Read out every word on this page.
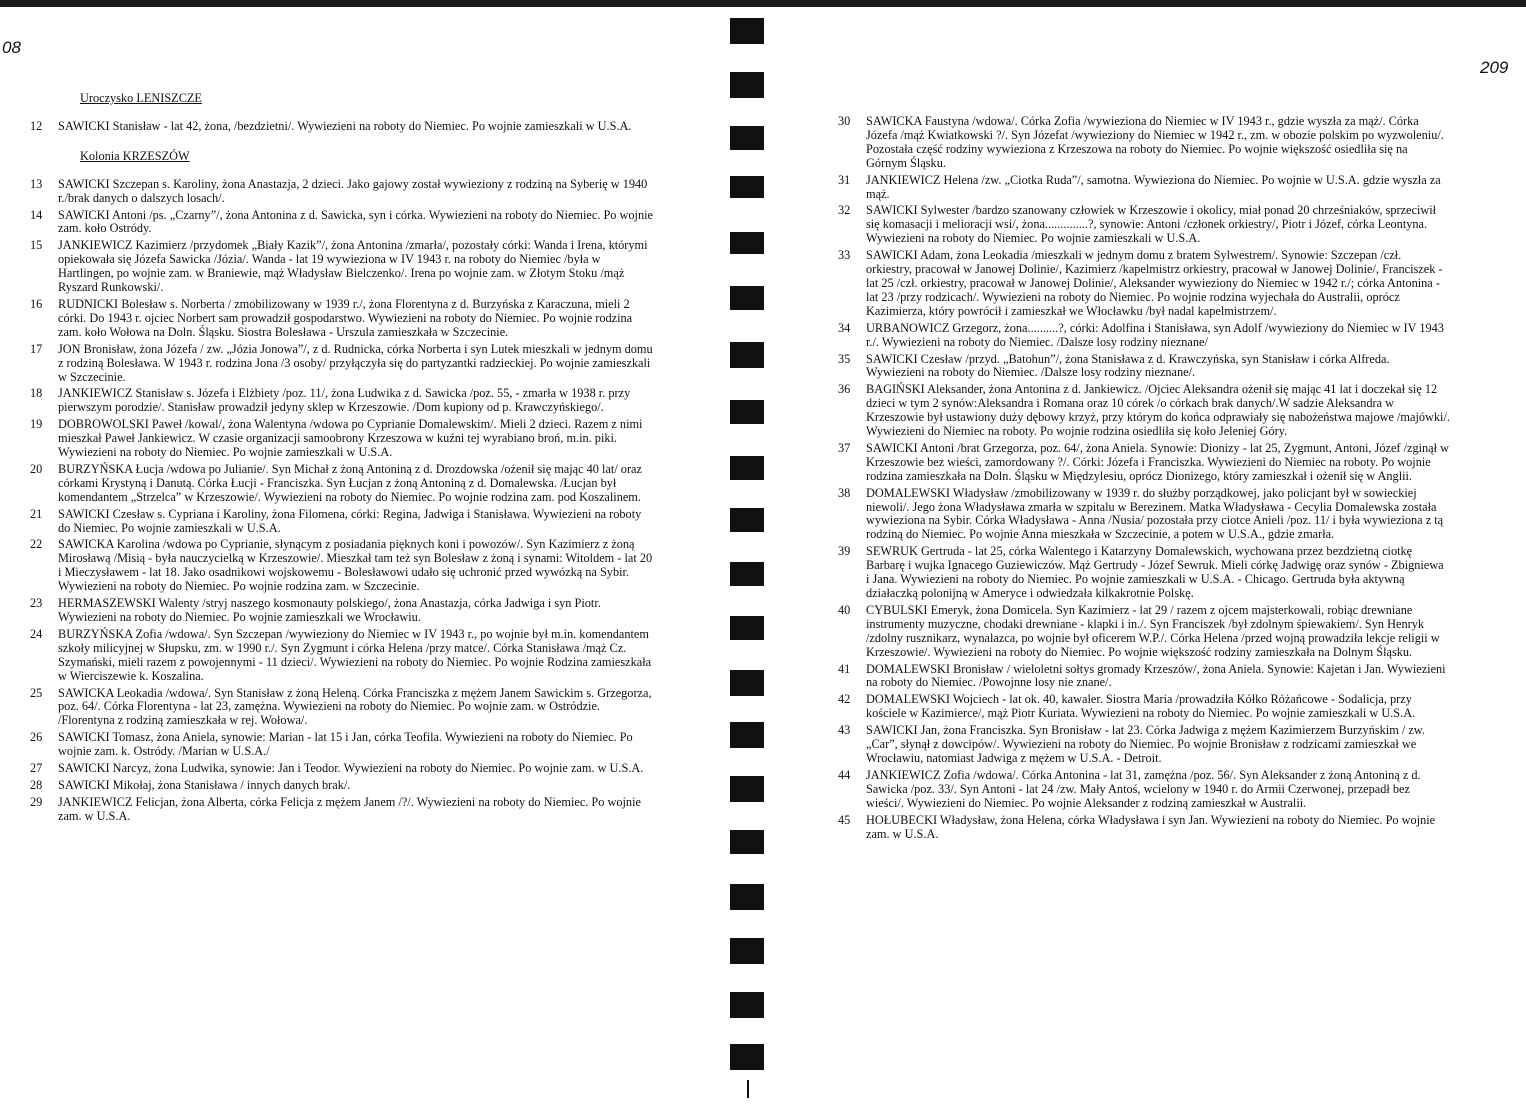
08
209
Uroczysko LENISZCZE
12	SAWICKI Stanisław - lat 42, żona, /bezdzietni/. Wywiezieni na roboty do Niemiec. Po wojnie zamieszkali w U.S.A.
Kolonia KRZESZÓW
13	SAWICKI Szczepan s. Karoliny, żona Anastazja, 2 dzieci. Jako gajowy został wywieziony z rodziną na Syberię w 1940 r./brak danych o dalszych losach/.
14	SAWICKI Antoni /ps. „Czarny”/, żona Antonina z d. Sawicka, syn i córka. Wywiezieni na roboty do Niemiec. Po wojnie zam. koło Ostródy.
15	JANKIEWICZ Kazimierz /przydomek „Biały Kazik”/, żona Antonina /zmarła/, pozostały córki: Wanda i Irena, którymi opiekowała się Józefa Sawicka /Józia/. Wanda - lat 19 wywieziona w IV 1943 r. na roboty do Niemiec /była w Hartlingen, po wojnie zam. w Braniewie, mąż Władysław Bielczenko/. Irena po wojnie zam. w Złotym Stoku /mąż Ryszard Runkowski/.
16	RUDNICKI Bolesław s. Norberta / zmobilizowany w 1939 r./, żona Florentyna z d. Burzyńska z Karaczuna, mieli 2 córki. Do 1943 r. ojciec Norbert sam prowadził gospodarstwo. Wywiezieni na roboty do Niemiec. Po wojnie rodzina zam. koło Wołowa na Doln. Śląsku. Siostra Bolesława - Urszula zamieszkała w Szczecinie.
17	JON Bronisław, żona Józefa / zw. „Józia Jonowa”/, z d. Rudnicka, córka Norberta i syn Lutek mieszkali w jednym domu z rodziną Bolesława. W 1943 r. rodzina Jona /3 osoby/ przyłączyła się do partyzantki radzieckiej. Po wojnie zamieszkali w Szczecinie.
18	JANKIEWICZ Stanisław s. Józefa i Elżbiety /poz. 11/, żona Ludwika z d. Sawicka /poz. 55, - zmarła w 1938 r. przy pierwszym porodzie/. Stanisław prowadził jedyny sklep w Krzeszowie. /Dom kupiony od p. Krawczyńskiego/.
19	DOBROWOLSKI Paweł /kowal/, żona Walentyna /wdowa po Cyprianie Domalewskim/. Mieli 2 dzieci. Razem z nimi mieszkał Paweł Jankiewicz. W czasie organizacji samoobrony Krzeszowa w kuźni tej wyrabiano broń, m.in. piki. Wywiezieni na roboty do Niemiec. Po wojnie zamieszkali w U.S.A.
20	BURZYŃSKA Łucja /wdowa po Julianie/. Syn Michał z żoną Antoniną z d. Drozdowska /ożenił się mając 40 lat/ oraz córkami Krystyną i Danutą. Córka Łucji - Franciszka. Syn Łucjan z żoną Antoniną z d. Domalewska. /Łucjan był komendantem „Strzelca” w Krzeszowie/. Wywiezieni na roboty do Niemiec. Po wojnie rodzina zam. pod Koszalinem.
21	SAWICKI Czesław s. Cypriana i Karoliny, żona Filomena, córki: Regina, Jadwiga i Stanisława. Wywiezieni na roboty do Niemiec. Po wojnie zamieszkali w U.S.A.
22	SAWICKA Karolina /wdowa po Cyprianie, słynącym z posiadania pięknych koni i powozów/. Syn Kazimierz z żoną Mirosławą /Misią - była nauczycielką w Krzeszowie/. Mieszkał tam też syn Bolesław z żoną i synami: Witoldem - lat 20 i Mieczysławem - lat 18. Jako osadnikowi wojskowemu - Bolesławowi udało się uchronić przed wywózką na Sybir. Wywiezieni na roboty do Niemiec. Po wojnie rodzina zam. w Szczecinie.
23	HERMASZEWSKI Walenty /stryj naszego kosmonauty polskiego/, żona Anastazja, córka Jadwiga i syn Piotr. Wywiezieni na roboty do Niemiec. Po wojnie zamieszkali we Wrocławiu.
24	BURZYŃSKA Zofia /wdowa/. Syn Szczepan /wywieziony do Niemiec w IV 1943 r., po wojnie był m.in. komendantem szkoły milicyjnej w Słupsku, zm. w 1990 r./. Syn Zygmunt i córka Helena /przy matce/. Córka Stanisława /mąż Cz. Szymański, mieli razem z powojennymi - 11 dzieci/. Wywiezieni na roboty do Niemiec. Po wojnie Rodzina zamieszkała w Wierciszewie k. Koszalina.
25	SAWICKA Leokadia /wdowa/. Syn Stanisław z żoną Heleną. Córka Franciszka z mężem Janem Sawickim s. Grzegorza, poz. 64/. Córka Florentyna - lat 23, zamężna. Wywiezieni na roboty do Niemiec. Po wojnie zam. w Ostródzie. /Florentyna z rodziną zamieszkała w rej. Wołowa/.
26	SAWICKI Tomasz, żona Aniela, synowie: Marian - lat 15 i Jan, córka Teofila. Wywiezieni na roboty do Niemiec. Po wojnie zam. k. Ostródy. /Marian w U.S.A./
27	SAWICKI Narcyz, żona Ludwika, synowie: Jan i Teodor. Wywiezieni na roboty do Niemiec. Po wojnie zam. w U.S.A.
28	SAWICKI Mikołaj, żona Stanisława / innych danych brak/.
29	JANKIEWICZ Felicjan, żona Alberta, córka Felicja z mężem Janem /?/. Wywiezieni na roboty do Niemiec. Po wojnie zam. w U.S.A.
30	SAWICKA Faustyna /wdowa/. Córka Zofia /wywieziona do Niemiec w IV 1943 r., gdzie wyszła za mąż/. Córka Józefa /mąż Kwiatkowski ?/. Syn Józefat /wywieziony do Niemiec w 1942 r., zm. w obozie polskim po wyzwoleniu/. Pozostała część rodziny wywieziona z Krzeszowa na roboty do Niemiec. Po wojnie większość osiedliła się na Górnym Śląsku.
31	JANKIEWICZ Helena /zw. „Ciotka Ruda”/, samotna. Wywieziona do Niemiec. Po wojnie w U.S.A. gdzie wyszła za mąż.
32	SAWICKI Sylwester /bardzo szanowany człowiek w Krzeszowie i okolicy, miał ponad 20 chrześniaków, sprzeciwił się komasacji i melioracji wsi/, żona..............?, synowie: Antoni /członek orkiestry/, Piotr i Józef, córka Leontyna. Wywiezieni na roboty do Niemiec. Po wojnie zamieszkali w U.S.A.
33	SAWICKI Adam, żona Leokadia /mieszkali w jednym domu z bratem Sylwestrem/. Synowie: Szczepan /czł. orkiestry, pracował w Janowej Dolinie/, Kazimierz /kapelmistrz orkiestry, pracował w Janowej Dolinie/, Franciszek - lat 25 /czł. orkiestry, pracował w Janowej Dolinie/, Aleksander wywieziony do Niemiec w 1942 r./; córka Antonina - lat 23 /przy rodzicach/. Wywiezieni na roboty do Niemiec. Po wojnie rodzina wyjechała do Australii, oprócz Kazimierza, który powrócił i zamieszkał we Włocławku /był nadal kapelmistrzem/.
34	URBANOWICZ Grzegorz, żona..........?, córki: Adolfina i Stanisława, syn Adolf /wywieziony do Niemiec w IV 1943 r./. Wywiezieni na roboty do Niemiec. /Dalsze losy rodziny nieznane/
35	SAWICKI Czesław /przyd. „Batohun”/, żona Stanisława z d. Krawczyńska, syn Stanisław i córka Alfreda. Wywiezieni na roboty do Niemiec. /Dalsze losy rodziny nieznane/.
36	BAGIŃSKI Aleksander, żona Antonina z d. Jankiewicz. /Ojciec Aleksandra ożenił się mając 41 lat i doczekał się 12 dzieci w tym 2 synów:Aleksandra i Romana oraz 10 córek /o córkach brak danych/.W sadzie Aleksandra w Krzeszowie był ustawiony duży dębowy krzyż, przy którym do końca odprawiały się nabożeństwa majowe /majówki/. Wywiezieni do Niemiec na roboty. Po wojnie rodzina osiedliła się koło Jeleniej Góry.
37	SAWICKI Antoni /brat Grzegorza, poz. 64/, żona Aniela. Synowie: Dionizy - lat 25, Zygmunt, Antoni, Józef /zginął w Krzeszowie bez wieści, zamordowany ?/. Córki: Józefa i Franciszka. Wywiezieni do Niemiec na roboty. Po wojnie rodzina zamieszkała na Doln. Śląsku w Międzylesiu, oprócz Dionizego, który zamieszkał i ożenił się w Anglii.
38	DOMALEWSKI Władysław /zmobilizowany w 1939 r. do służby porządkowej, jako policjant był w sowieckiej niewoli/. Jego żona Władysława zmarła w szpitalu w Berezinem. Matka Władysława - Cecylia Domalewska została wywieziona na Sybir. Córka Władysława - Anna /Nusia/ pozostała przy ciotce Anieli /poz. 11/ i była wywieziona z tą rodziną do Niemiec. Po wojnie Anna mieszkała w Szczecinie, a potem w U.S.A., gdzie zmarła.
39	SEWRUK Gertruda - lat 25, córka Walentego i Katarzyny Domalewskich, wychowana przez bezdzietną ciotkę Barbarę i wujka Ignacego Guziewiczów. Mąż Gertrudy - Józef Sewruk. Mieli córkę Jadwigę oraz synów - Zbigniewa i Jana. Wywiezieni na roboty do Niemiec. Po wojnie zamieszkali w U.S.A. - Chicago. Gertruda była aktywną działaczką polonijną w Ameryce i odwiedzała kilkakrotnie Polskę.
40	CYBULSKI Emeryk, żona Domicela. Syn Kazimierz - lat 29 / razem z ojcem majsterkowali, robiąc drewniane instrumenty muzyczne, chodaki drewniane - klapki i in./. Syn Franciszek /był zdolnym śpiewakiem/. Syn Henryk /zdolny rusznikarz, wynalazca, po wojnie był oficerem W.P./. Córka Helena /przed wojną prowadziła lekcje religii w Krzeszowie/. Wywiezieni na roboty do Niemiec. Po wojnie większość rodziny zamieszkała na Dolnym Śląsku.
41	DOMALEWSKI Bronisław / wieloletni sołtys gromady Krzeszów/, żona Aniela. Synowie: Kajetan i Jan. Wywiezieni na roboty do Niemiec. /Powojnne losy nie znane/.
42	DOMALEWSKI Wojciech - lat ok. 40, kawaler. Siostra Maria /prowadziła Kółko Różańcowe - Sodalicja, przy kościele w Kazimierce/, mąż Piotr Kuriata. Wywiezieni na roboty do Niemiec. Po wojnie zamieszkali w U.S.A.
43	SAWICKI Jan, żona Franciszka. Syn Bronisław - lat 23. Córka Jadwiga z mężem Kazimierzem Burzyńskim / zw. „Car”, słynął z dowcipów/. Wywiezieni na roboty do Niemiec. Po wojnie Bronisław z rodzicami zamieszkał we Wrocławiu, natomiast Jadwiga z mężem w U.S.A. - Detroit.
44	JANKIEWICZ Zofia /wdowa/. Córka Antonina - lat 31, zamężna /poz. 56/. Syn Aleksander z żoną Antoniną z d. Sawicka /poz. 33/. Syn Antoni - lat 24 /zw. Mały Antoś, wcielony w 1940 r. do Armii Czerwonej, przepadł bez wieści/. Wywiezieni do Niemiec. Po wojnie Aleksander z rodziną zamieszkał w Australii.
45	HOŁUBECKI Władysław, żona Helena, córka Władysława i syn Jan. Wywiezieni na roboty do Niemiec. Po wojnie zam. w U.S.A.
